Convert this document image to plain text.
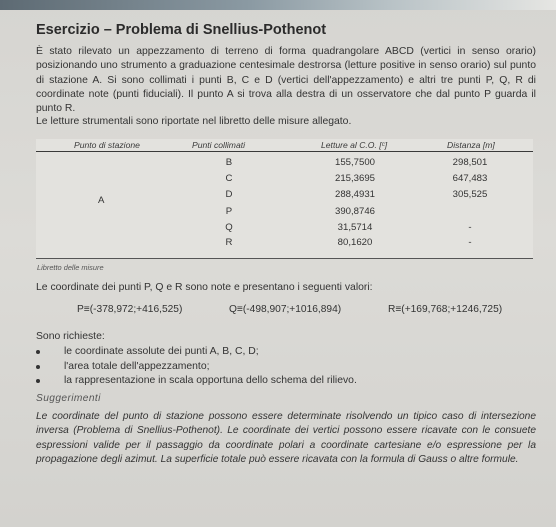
Esercizio – Problema di Snellius-Pothenot
È stato rilevato un appezzamento di terreno di forma quadrangolare ABCD (vertici in senso orario) posizionando uno strumento a graduazione centesimale destrorsa (letture positive in senso orario) sul punto di stazione A. Si sono collimati i punti B, C e D (vertici dell'appezzamento) e altri tre punti P, Q, R di coordinate note (punti fiduciali). Il punto A si trova alla destra di un osservatore che dal punto P guarda il punto R.
Le letture strumentali sono riportate nel libretto delle misure allegato.
Punto di stazione	Punti collimati	Letture al C.O. [ᶜ]	Distanza [m]
A
B	155,7500	298,501
C	215,3695	647,483
D	288,4931	305,525
P	390,8746
Q	31,5714	-
R	80,1620	-
Libretto delle misure
Le coordinate dei punti P, Q e R sono note e presentano i seguenti valori:
P≡(-378,972;+416,525)	Q≡(-498,907;+1016,894)	R≡(+169,768;+1246,725)
Sono richieste:
le coordinate assolute dei punti A, B, C, D;
l'area totale dell'appezzamento;
la rappresentazione in scala opportuna dello schema del rilievo.
Suggerimenti
Le coordinate del punto di stazione possono essere determinate risolvendo un tipico caso di intersezione inversa (Problema di Snellius-Pothenot). Le coordinate dei vertici possono essere ricavate con le consuete espressioni valide per il passaggio da coordinate polari a coordinate cartesiane e/o espressione per la propagazione degli azimut. La superficie totale può essere ricavata con la formula di Gauss o altre formule.
